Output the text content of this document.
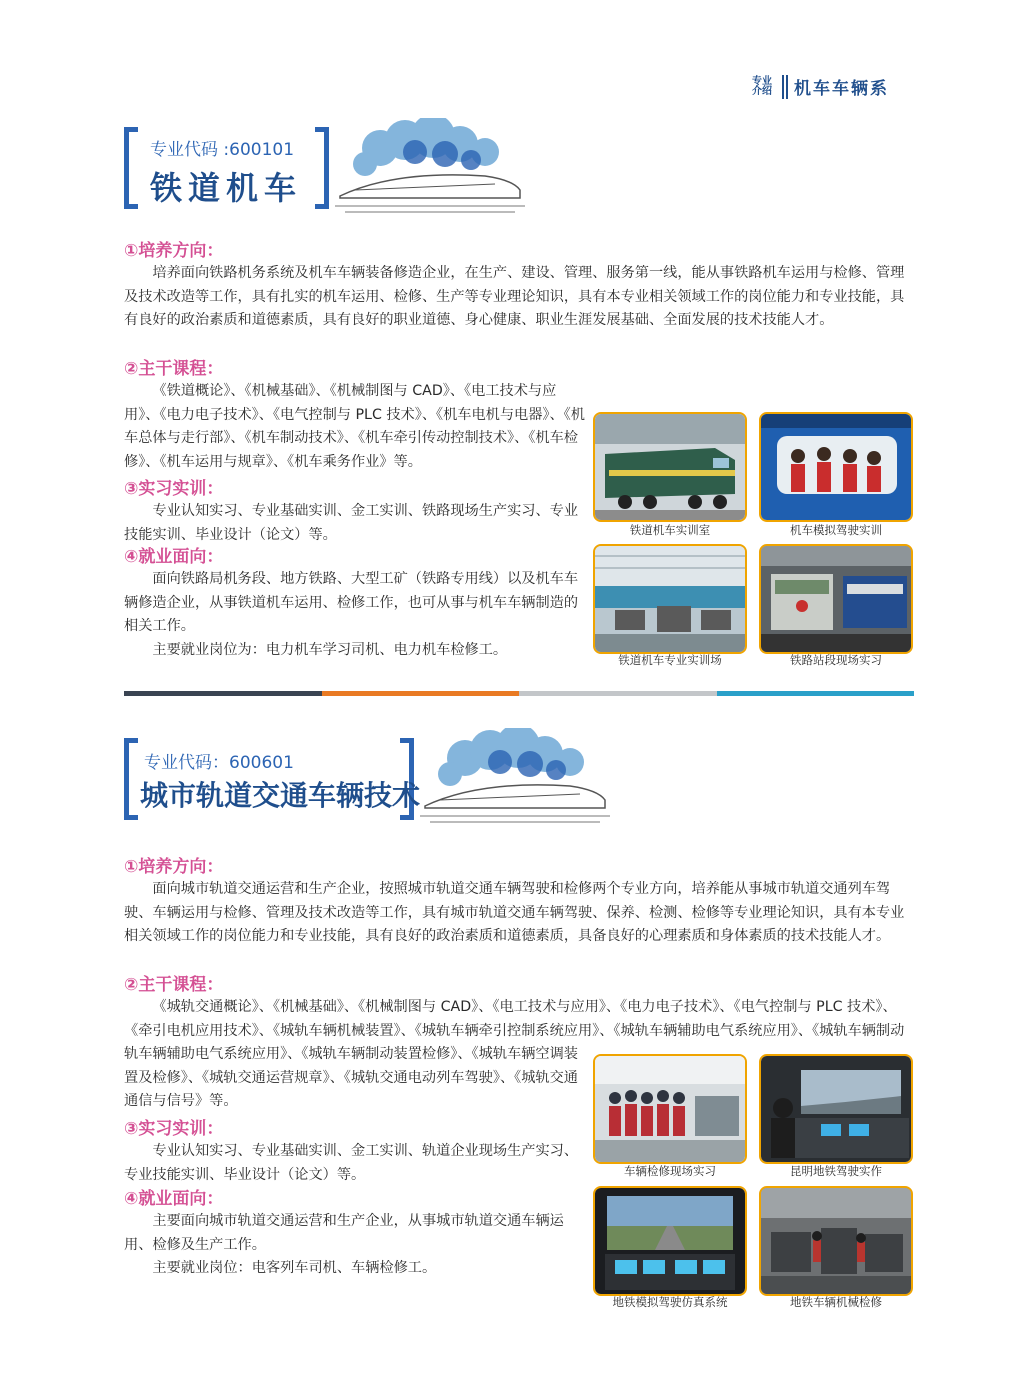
专业
介绍	机车车辆系
专业代码 :600101
铁道机车
①培养方向：

培养面向铁路机务系统及机车车辆装备修造企业，在生产、建设、管理、服务第一线，能从事铁路机车运用与检修、管理及技术改造等工作，具有扎实的机车运用、检修、生产等专业理论知识，具有本专业相关领域工作的岗位能力和专业技能，具有良好的政治素质和道德素质，具有良好的职业道德、身心健康、职业生涯发展基础、全面发展的技术技能人才。

②主干课程：

《铁道概论》、《机械基础》、《机械制图与 CAD》、《电工技术与应用》、《电力电子技术》、《电气控制与 PLC 技术》、《机车电机与电器》、《机车总体与走行部》、《机车制动技术》、《机车牵引传动控制技术》、《机车检修》、《机车运用与规章》、《机车乘务作业》等。

③实习实训：

专业认知实习、专业基础实训、金工实训、铁路现场生产实习、专业技能实训、毕业设计（论文）等。

④就业面向：

面向铁路局机务段、地方铁路、大型工矿（铁路专用线）以及机车车辆修造企业，从事铁道机车运用、检修工作，也可从事与机车车辆制造的相关工作。

主要就业岗位为：电力机车学习司机、电力机车检修工。

铁道机车实训室	机车模拟驾驶实训
铁道机车专业实训场	铁路站段现场实习
专业代码：600601
城市轨道交通车辆技术
①培养方向：

面向城市轨道交通运营和生产企业，按照城市轨道交通车辆驾驶和检修两个专业方向，培养能从事城市轨道交通列车驾驶、车辆运用与检修、管理及技术改造等工作，具有城市轨道交通车辆驾驶、保养、检测、检修等专业理论知识，具有本专业相关领域工作的岗位能力和专业技能，具有良好的政治素质和道德素质，具备良好的心理素质和身体素质的技术技能人才。

②主干课程：

《城轨交通概论》、《机械基础》、《机械制图与 CAD》、《电工技术与应用》、《电力电子技术》、《电气控制与 PLC 技术》、《牵引电机应用技术》、《城轨车辆机械装置》、《城轨车辆牵引控制系统应用》、《城轨车辆辅助电气系统应用》、《城轨车辆制动

轨车辆辅助电气系统应用》、《城轨车辆制动装置检修》、《城轨车辆空调装置及检修》、《城轨交通运营规章》、《城轨交通电动列车驾驶》、《城轨交通通信与信号》等。

③实习实训：

专业认知实习、专业基础实训、金工实训、轨道企业现场生产实习、专业技能实训、毕业设计（论文）等。

④就业面向：

主要面向城市轨道交通运营和生产企业，从事城市轨道交通车辆运用、检修及生产工作。

主要就业岗位：电客列车司机、车辆检修工。

车辆检修现场实习	昆明地铁驾驶实作
地铁模拟驾驶仿真系统	地铁车辆机械检修
